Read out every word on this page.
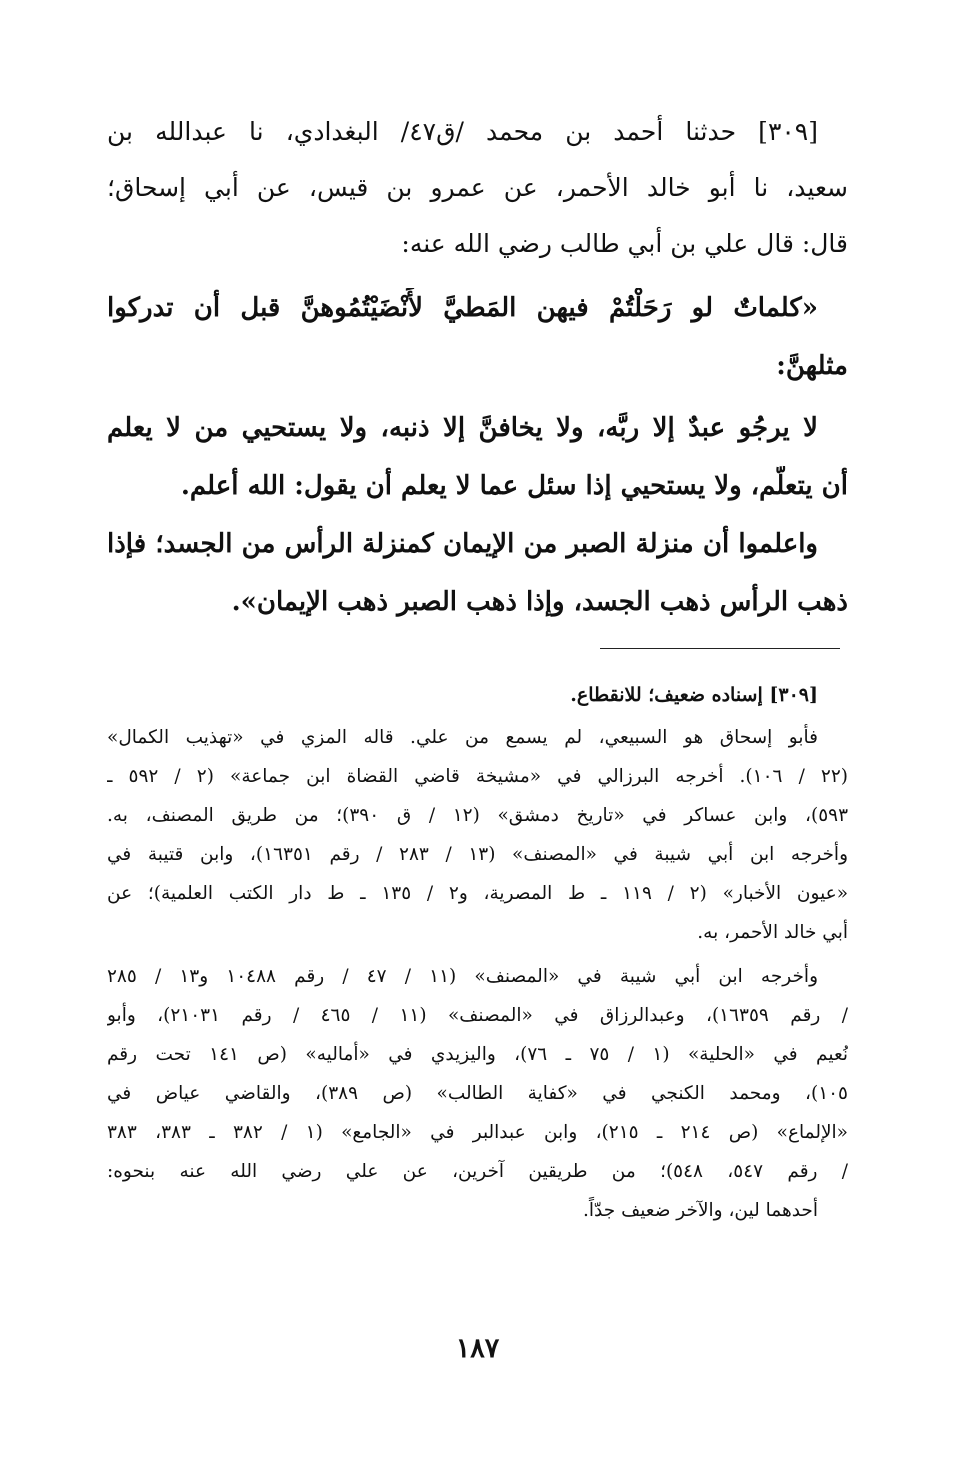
[٣٠٩] حدثنا أحمد بن محمد /ق٤٧/ البغدادي، نا عبدالله بن
سعيد، نا أبو خالد الأحمر، عن عمرو بن قيس، عن أبي إسحاق؛
قال: قال علي بن أبي طالب رضي الله عنه:
«كلماتٌ لو رَحَلْتُمْ فيهن المَطيَّ لأَنْضَيْتُمُوهنَّ قبل أن تدركوا
مثلهنَّ:
لا يرجُو عبدٌ إلا ربَّه، ولا يخافنَّ إلا ذنبه، ولا يستحيي من لا يعلم
أن يتعلَّم، ولا يستحيي إذا سئل عما لا يعلم أن يقول: الله أعلم.
واعلموا أن منزلة الصبر من الإيمان كمنزلة الرأس من الجسد؛ فإذا
ذهب الرأس ذهب الجسد، وإذا ذهب الصبر ذهب الإيمان».
[٣٠٩] إسناده ضعيف؛ للانقطاع.
فأبو إسحاق هو السبيعي، لم يسمع من علي. قاله المزي في «تهذيب الكمال»
(٢٢ / ١٠٦). أخرجه البرزالي في «مشيخة قاضي القضاة ابن جماعة» (٢ / ٥٩٢ ـ
٥٩٣)، وابن عساكر في «تاريخ دمشق» (١٢ / ق ٣٩٠)؛ من طريق المصنف، به.
وأخرجه ابن أبي شيبة في «المصنف» (١٣ / ٢٨٣ / رقم ١٦٣٥١)، وابن قتيبة في
«عيون الأخبار» (٢ / ١١٩ ـ ط المصرية، و٢ / ١٣٥ ـ ط دار الكتب العلمية)؛ عن
أبي خالد الأحمر، به.
وأخرجه ابن أبي شيبة في «المصنف» (١١ / ٤٧ / رقم ١٠٤٨٨ و١٣ / ٢٨٥
/ رقم ١٦٣٥٩)، وعبدالرزاق في «المصنف» (١١ / ٤٦٥ / رقم ٢١٠٣١)، وأبو
نُعيم في «الحلية» (١ / ٧٥ ـ ٧٦)، واليزيدي في «أماليه» (ص ١٤١ تحت رقم
١٠٥)، ومحمد الكنجي في «كفاية الطالب» (ص ٣٨٩)، والقاضي عياض في
«الإلماع» (ص ٢١٤ ـ ٢١٥)، وابن عبدالبر في «الجامع» (١ / ٣٨٢ ـ ٣٨٣، ٣٨٣
/ رقم ٥٤٧، ٥٤٨)؛ من طريقين آخرين، عن علي رضي الله عنه بنحوه:
أحدهما لين، والآخر ضعيف جدّاً.
١٨٧
